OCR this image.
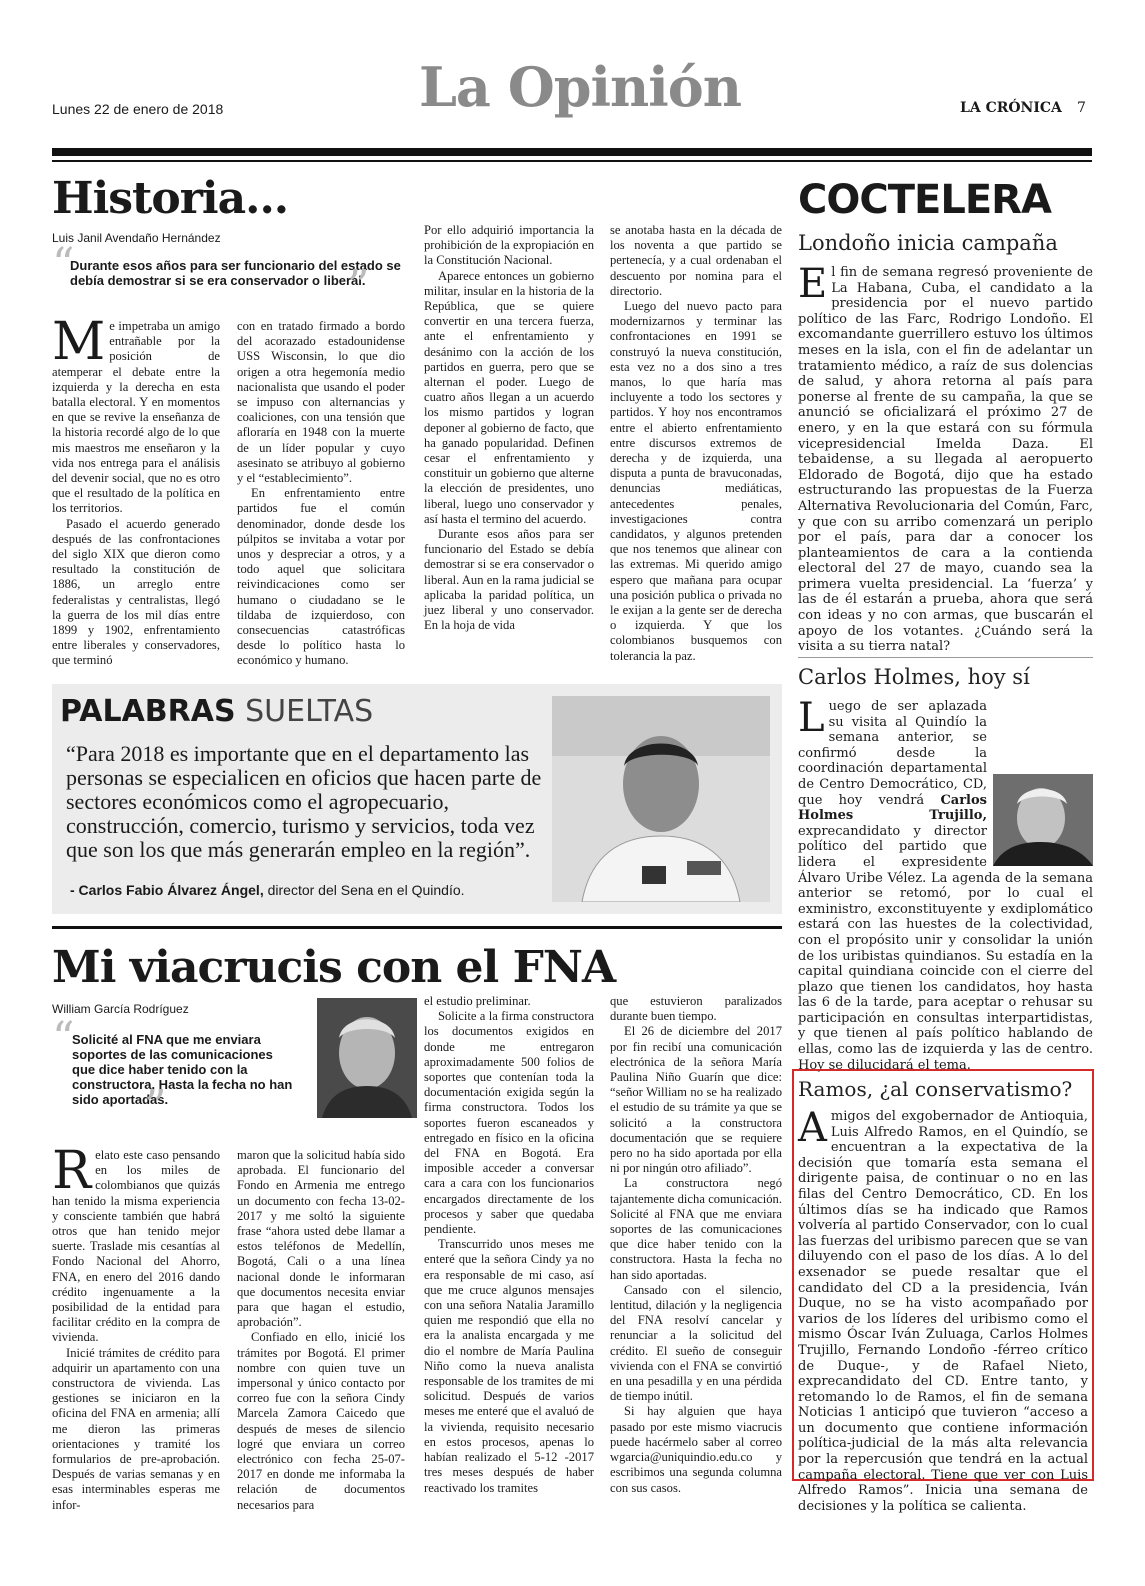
Lunes 22 de enero de 2018	La Opinión	LA CRÓNICA 7
Historia...
Luis Janil Avendaño Hernández
“
Durante esos años para ser funcionario del estado se debía demostrar si se era conservador o liberal.
”

Me impetraba un amigo entrañable por la posición de atemperar el debate entre la izquierda y la derecha en esta batalla electoral. Y en momentos en que se revive la enseñanza de la historia recordé algo de lo que mis maestros me enseñaron y la vida nos entrega para el análisis del devenir social, que no es otro que el resultado de la política en los territorios.

Pasado el acuerdo generado después de las confrontaciones del siglo XIX que dieron como resultado la constitución de 1886, un arreglo entre federalistas y centralistas, llegó la guerra de los mil días entre 1899 y 1902, enfrentamiento entre liberales y conservadores, que terminó

con en tratado firmado a bordo del acorazado estadounidense USS Wisconsin, lo que dio origen a otra hegemonía medio nacionalista que usando el poder se impuso con alternancias y coaliciones, con una tensión que afloraría en 1948 con la muerte de un líder popular y cuyo asesinato se atribuyo al gobierno y el “establecimiento”.

En enfrentamiento entre partidos fue el común denominador, donde desde los púlpitos se invitaba a votar por unos y despreciar a otros, y a todo aquel que solicitara reivindicaciones como ser humano o ciudadano se le tildaba de izquierdoso, con consecuencias catastróficas desde lo político hasta lo económico y humano.

Por ello adquirió importancia la prohibición de la expropiación en la Constitución Nacional.

Aparece entonces un gobierno militar, insular en la historia de la República, que se quiere convertir en una tercera fuerza, ante el enfrentamiento y desánimo con la acción de los partidos en guerra, pero que se alternan el poder. Luego de cuatro años llegan a un acuerdo los mismo partidos y logran deponer al gobierno de facto, que ha ganado popularidad. Definen cesar el enfrentamiento y constituir un gobierno que alterne la elección de presidentes, uno liberal, luego uno conservador y así hasta el termino del acuerdo.

Durante esos años para ser funcionario del Estado se debía demostrar si se era conservador o liberal. Aun en la rama judicial se aplicaba la paridad política, un juez liberal y uno conservador. En la hoja de vida

se anotaba hasta en la década de los noventa a que partido se pertenecía, y a cual ordenaban el descuento por nomina para el directorio.

Luego del nuevo pacto para modernizarnos y terminar las confrontaciones en 1991 se construyó la nueva constitución, esta vez no a dos sino a tres manos, lo que haría mas incluyente a todo los sectores y partidos. Y hoy nos encontramos entre el abierto enfrentamiento entre discursos extremos de derecha y de izquierda, una disputa a punta de bravuconadas, denuncias mediáticas, antecedentes penales, investigaciones contra candidatos, y algunos pretenden que nos tenemos que alinear con las extremas. Mi querido amigo espero que mañana para ocupar una posición publica o privada no le exijan a la gente ser de derecha o izquierda. Y que los colombianos busquemos con tolerancia la paz.

PALABRAS SUELTAS
“Para 2018 es importante que en el departamento las personas se especialicen en oficios que hacen parte de sectores económicos como el agropecuario, construcción, comercio, turismo y servicios, toda vez que son los que más generarán empleo en la región”.
- Carlos Fabio Álvarez Ángel, director del Sena en el Quindío.
Mi viacrucis con el FNA
William García Rodríguez
“
Solicité al FNA que me enviara soportes de las comunicaciones que dice haber tenido con la constructora. Hasta la fecha no han sido aportadas.
”

Relato este caso pensando en los miles de colombianos que quizás han tenido la misma experiencia y consciente también que habrá otros que han tenido mejor suerte. Traslade mis cesantías al Fondo Nacional del Ahorro, FNA, en enero del 2016 dando crédito ingenuamente a la posibilidad de la entidad para facilitar crédito en la compra de vivienda.

Inicié trámites de crédito para adquirir un apartamento con una constructora de vivienda. Las gestiones se iniciaron en la oficina del FNA en armenia; allí me dieron las primeras orientaciones y tramité los formularios de pre-aprobación. Después de varias semanas y en esas interminables esperas me infor-

maron que la solicitud había sido aprobada. El funcionario del Fondo en Armenia me entrego un documento con fecha 13-02-2017 y me soltó la siguiente frase “ahora usted debe llamar a estos teléfonos de Medellín, Bogotá, Cali o a una línea nacional donde le informaran que documentos necesita enviar para que hagan el estudio, aprobación”.

Confiado en ello, inicié los trámites por Bogotá. El primer nombre con quien tuve un impersonal y único contacto por correo fue con la señora Cindy Marcela Zamora Caicedo que después de meses de silencio logré que enviara un correo electrónico con fecha 25-07-2017 en donde me informaba la relación de documentos necesarios para

el estudio preliminar.

Solicite a la firma constructora los documentos exigidos en donde me entregaron aproximadamente 500 folios de soportes que contenían toda la documentación exigida según la firma constructora. Todos los soportes fueron escaneados y entregado en físico en la oficina del FNA en Bogotá. Era imposible acceder a conversar cara a cara con los funcionarios encargados directamente de los procesos y saber que quedaba pendiente.

Transcurrido unos meses me enteré que la señora Cindy ya no era responsable de mi caso, así que me cruce algunos mensajes con una señora Natalia Jaramillo quien me respondió que ella no era la analista encargada y me dio el nombre de María Paulina Niño como la nueva analista responsable de los tramites de mi solicitud. Después de varios meses me enteré que el avaluó de la vivienda, requisito necesario en estos procesos, apenas lo habían realizado el 5-12 -2017 tres meses después de haber reactivado los tramites

que estuvieron paralizados durante buen tiempo.

El 26 de diciembre del 2017 por fin recibí una comunicación electrónica de la señora María Paulina Niño Guarín que dice: “señor William no se ha realizado el estudio de su trámite ya que se solicitó a la constructora documentación que se requiere pero no ha sido aportada por ella ni por ningún otro afiliado”.

La constructora negó tajantemente dicha comunicación. Solicité al FNA que me enviara soportes de las comunicaciones que dice haber tenido con la constructora. Hasta la fecha no han sido aportadas.

Cansado con el silencio, lentitud, dilación y la negligencia del FNA resolví cancelar y renunciar a la solicitud del crédito. El sueño de conseguir vivienda con el FNA se convirtió en una pesadilla y en una pérdida de tiempo inútil.

Si hay alguien que haya pasado por este mismo viacrucis puede hacérmelo saber al correo wgarcia@uniquindio.edu.co y escribimos una segunda columna con sus casos.

COCTELERA
Londoño inicia campaña

El fin de semana regresó proveniente de La Habana, Cuba, el candidato a la presidencia por el nuevo partido político de las Farc, Rodrigo Londoño. El excomandante guerrillero estuvo los últimos meses en la isla, con el fin de adelantar un tratamiento médico, a raíz de sus dolencias de salud, y ahora retorna al país para ponerse al frente de su campaña, la que se anunció se oficializará el próximo 27 de enero, y en la que estará con su fórmula vicepresidencial Imelda Daza. El tebaidense, a su llegada al aeropuerto Eldorado de Bogotá, dijo que ha estado estructurando las propuestas de la Fuerza Alternativa Revolucionaria del Común, Farc, y que con su arribo comenzará un periplo por el país, para dar a conocer los planteamientos de cara a la contienda electoral del 27 de mayo, cuando sea la primera vuelta presidencial. La ‘fuerza’ y las de él estarán a prueba, ahora que será con ideas y no con armas, que buscarán el apoyo de los votantes. ¿Cuándo será la visita a su tierra natal?

Carlos Holmes, hoy sí

Luego de ser aplazada su visita al Quindío la semana anterior, se confirmó desde la coordinación departamental de Centro Democrático, CD, que hoy vendrá Carlos Holmes Trujillo, exprecandidato y director político del partido que lidera el expresidente Álvaro Uribe Vélez. La agenda de la semana anterior se retomó, por lo cual el exministro, exconstituyente y exdiplomático estará con las huestes de la colectividad, con el propósito unir y consolidar la unión de los uribistas quindianos. Su estadía en la capital quindiana coincide con el cierre del plazo que tienen los candidatos, hoy hasta las 6 de la tarde, para aceptar o rehusar su participación en consultas interpartidistas, y que tienen al país político hablando de ellas, como las de izquierda y las de centro. Hoy se dilucidará el tema.

Ramos, ¿al conservatismo?

Amigos del exgobernador de Antioquia, Luis Alfredo Ramos, en el Quindío, se encuentran a la expectativa de la decisión que tomaría esta semana el dirigente paisa, de continuar o no en las filas del Centro Democrático, CD. En los últimos días se ha indicado que Ramos volvería al partido Conservador, con lo cual las fuerzas del uribismo parecen que se van diluyendo con el paso de los días. A lo del exsenador se puede resaltar que el candidato del CD a la presidencia, Iván Duque, no se ha visto acompañado por varios de los líderes del uribismo como el mismo Óscar Iván Zuluaga, Carlos Holmes Trujillo, Fernando Londoño -férreo crítico de Duque-, y de Rafael Nieto, exprecandidato del CD. Entre tanto, y retomando lo de Ramos, el fin de semana Noticias 1 anticipó que tuvieron “acceso a un documento que contiene información política-judicial de la más alta relevancia por la repercusión que tendrá en la actual campaña electoral. Tiene que ver con Luis Alfredo Ramos”. Inicia una semana de decisiones y la política se calienta.
